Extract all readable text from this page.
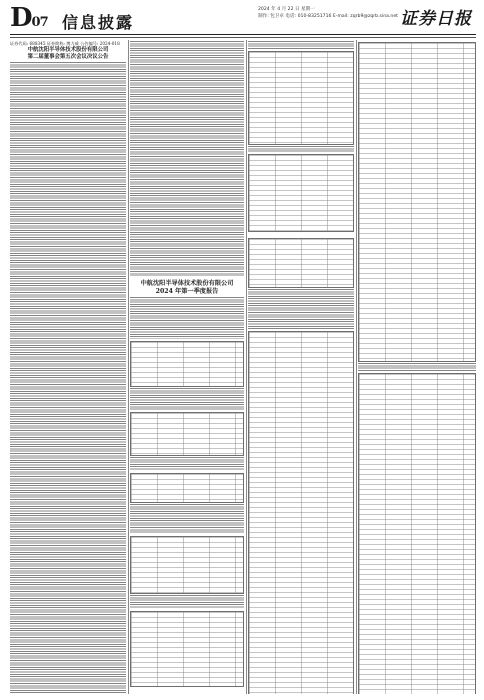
D07 信息披露
2024 年 4 月 22 日 星期一
制作: 包卫卓 电话: 010-83251716 E-mail: zqrb9@zqrb.sina.net 证券日报
证券代码: 688345 证券简称: 博力威 公告编号: 2024-018
中航沈阳半导体技术股份有限公司
第二届董事会第五次会议决议公告
中航沈阳半导体技术股份有限公司
2024 年第一季度报告
